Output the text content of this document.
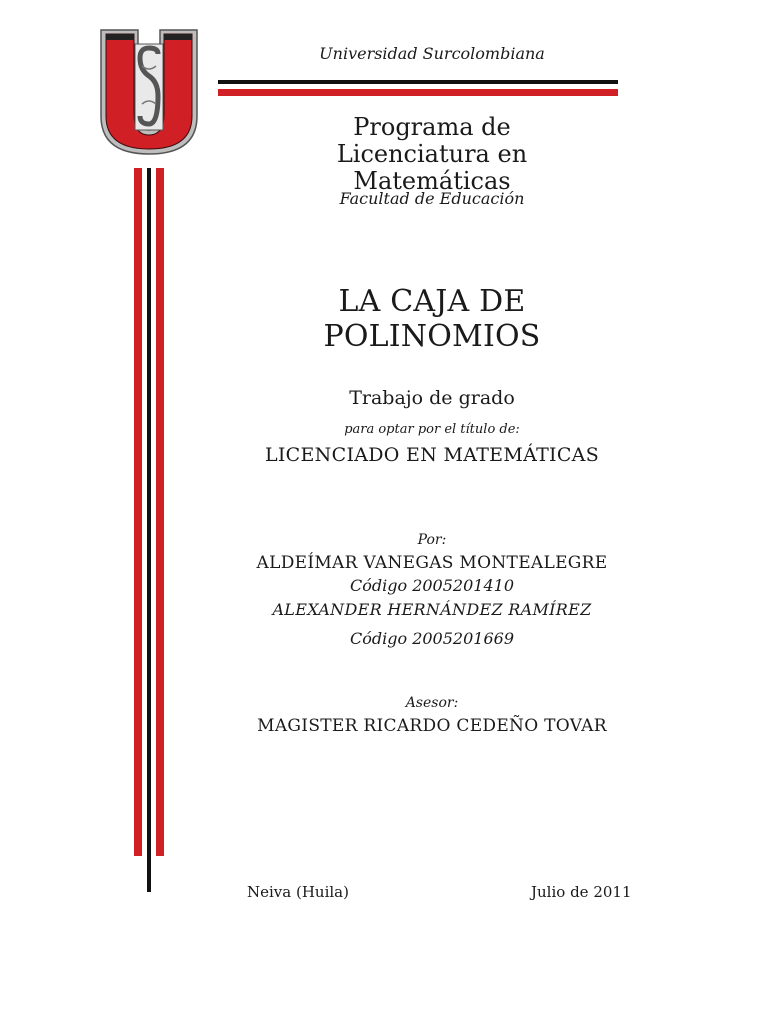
Universidad Surcolombiana
Programa de Licenciatura en Matemáticas
Facultad de Educación
LA CAJA DE POLINOMIOS
Trabajo de grado
para optar por el título de:
LICENCIADO EN MATEMÁTICAS
Por:
ALDEÍMAR VANEGAS MONTEALEGRE
Código 2005201410
ALEXANDER HERNÁNDEZ RAMÍREZ
Código 2005201669
Asesor:
MAGISTER RICARDO CEDEÑO TOVAR
Neiva (Huila)	Julio de 2011
